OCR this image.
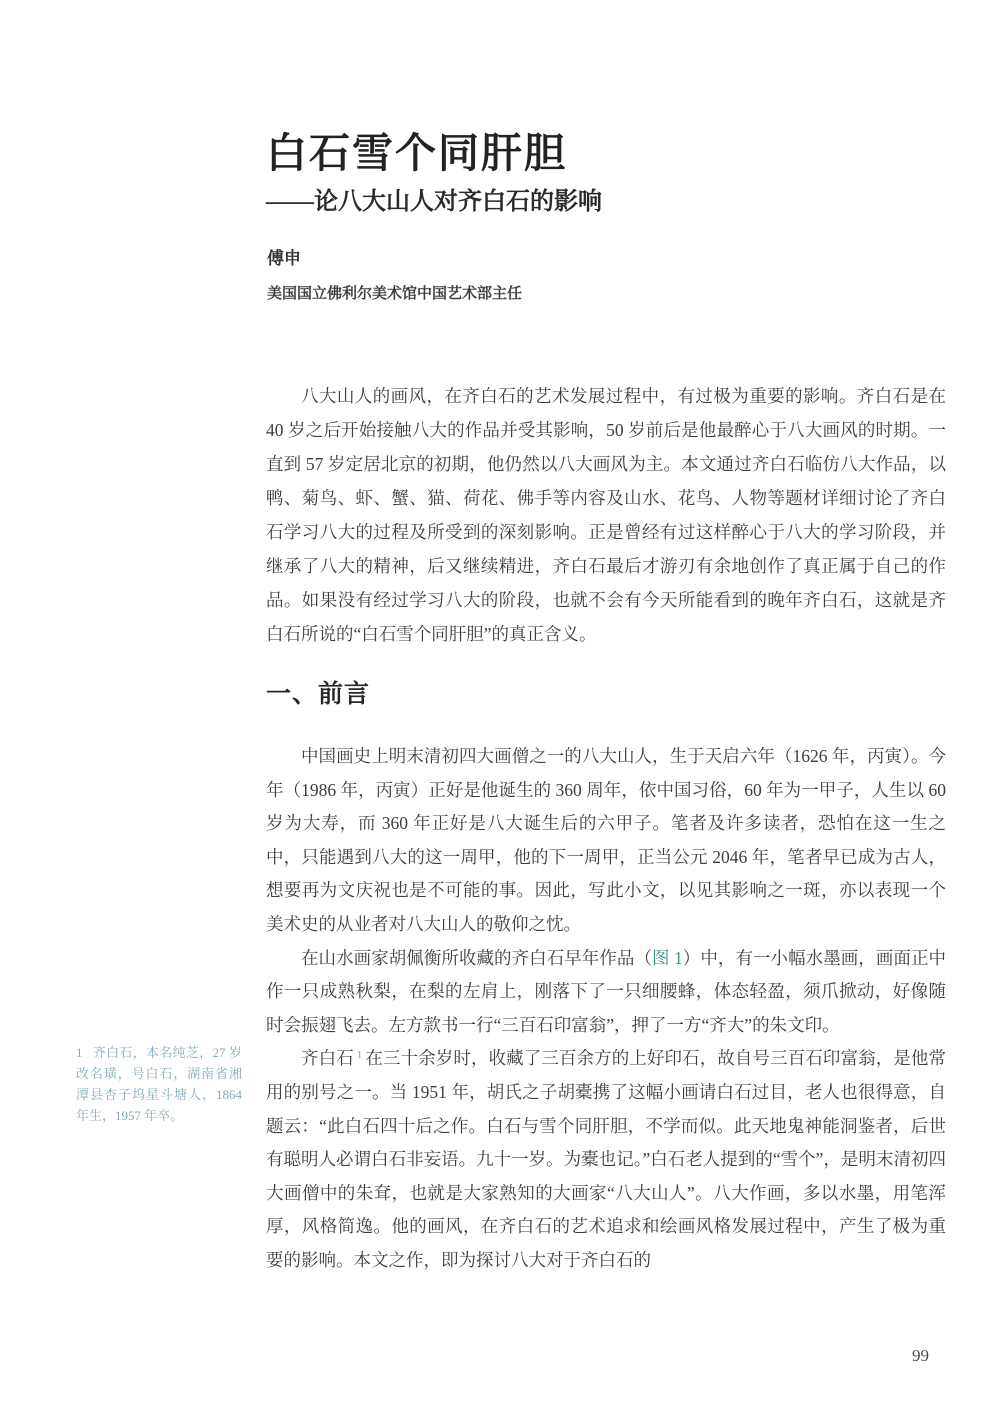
白石雪个同肝胆
——论八大山人对齐白石的影响
傅申
美国国立佛利尔美术馆中国艺术部主任

八大山人的画风，在齐白石的艺术发展过程中，有过极为重要的影响。齐白石是在 40 岁之后开始接触八大的作品并受其影响，50 岁前后是他最醉心于八大画风的时期。一直到 57 岁定居北京的初期，他仍然以八大画风为主。本文通过齐白石临仿八大作品，以鸭、菊鸟、虾、蟹、猫、荷花、佛手等内容及山水、花鸟、人物等题材详细讨论了齐白石学习八大的过程及所受到的深刻影响。正是曾经有过这样醉心于八大的学习阶段，并继承了八大的精神，后又继续精进，齐白石最后才游刃有余地创作了真正属于自己的作品。如果没有经过学习八大的阶段，也就不会有今天所能看到的晚年齐白石，这就是齐白石所说的“白石雪个同肝胆”的真正含义。

一、前言

中国画史上明末清初四大画僧之一的八大山人，生于天启六年（1626 年，丙寅）。今年（1986 年，丙寅）正好是他诞生的 360 周年，依中国习俗，60 年为一甲子，人生以 60 岁为大寿，而 360 年正好是八大诞生后的六甲子。笔者及许多读者，恐怕在这一生之中，只能遇到八大的这一周甲，他的下一周甲，正当公元 2046 年，笔者早已成为古人，想要再为文庆祝也是不可能的事。因此，写此小文，以见其影响之一斑，亦以表现一个美术史的从业者对八大山人的敬仰之忱。

在山水画家胡佩衡所收藏的齐白石早年作品（图 1）中，有一小幅水墨画，画面正中作一只成熟秋梨，在梨的左肩上，刚落下了一只细腰蜂，体态轻盈，须爪掀动，好像随时会振翅飞去。左方款书一行“三百石印富翁”，押了一方“齐大”的朱文印。

齐白石 $^1$ 在三十余岁时，收藏了三百余方的上好印石，故自号三百石印富翁，是他常用的别号之一。当 1951 年，胡氏之子胡橐携了这幅小画请白石过目，老人也很得意，自题云：“此白石四十后之作。白石与雪个同肝胆，不学而似。此天地鬼神能洞鉴者，后世有聪明人必谓白石非妄语。九十一岁。为橐也记。”白石老人提到的“雪个”，是明末清初四大画僧中的朱耷，也就是大家熟知的大画家“八大山人”。八大作画，多以水墨，用笔浑厚，风格简逸。他的画风，在齐白石的艺术追求和绘画风格发展过程中，产生了极为重要的影响。本文之作，即为探讨八大对于齐白石的

1 齐白石，本名纯芝，27 岁改名璜，号白石，湖南省湘潭县杏子坞星斗塘人，1864 年生，1957 年卒。
99
